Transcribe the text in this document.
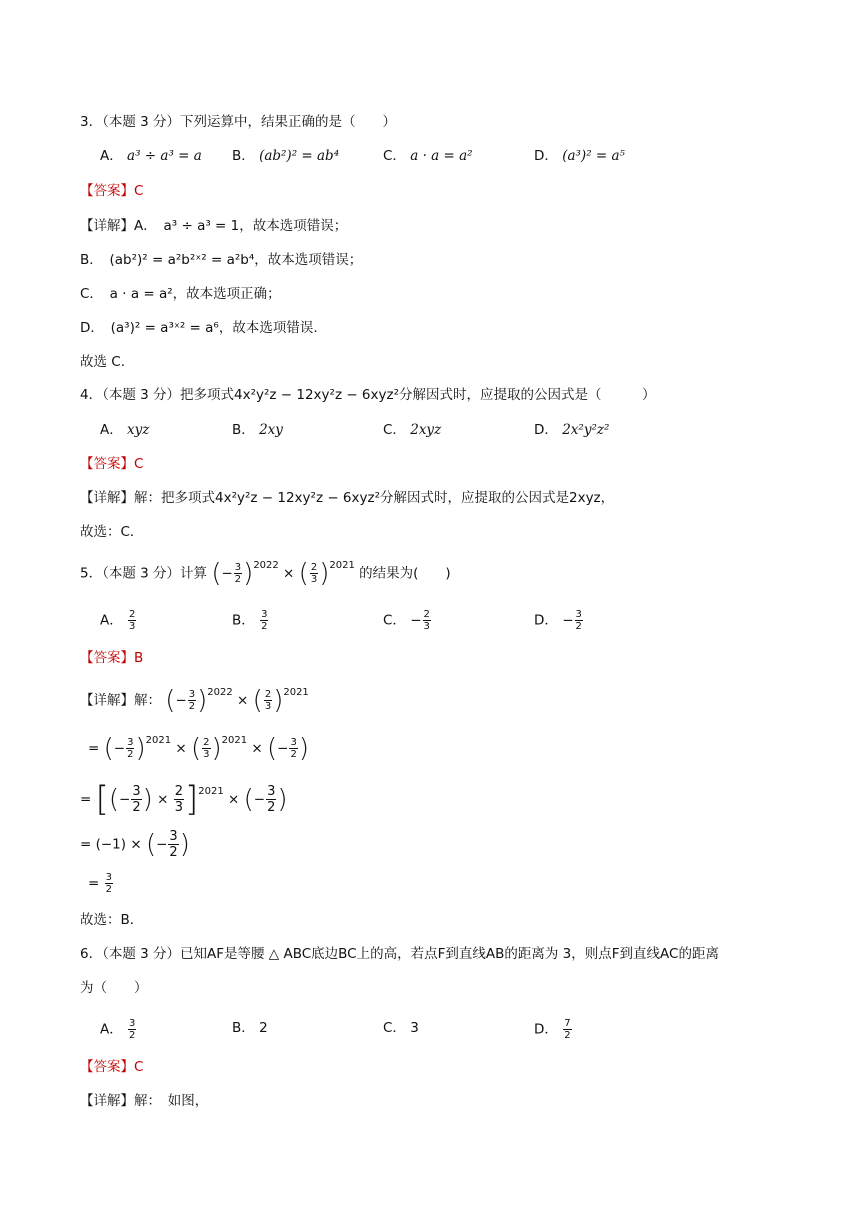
3．（本题 3 分）下列运算中，结果正确的是（　　）
A． a³ ÷ a³ = a B． (ab²)² = ab⁴	C． a · a = a²	D． (a³)² = a⁵
【答案】C
【详解】A．　a³ ÷ a³ = 1，故本选项错误；
B．　(ab²)² = a²b²ˣ² = a²b⁴，故本选项错误；
C．　a · a = a²，故本选项正确；
D．　(a³)² = a³ˣ² = a⁶，故本选项错误.
故选 C.
4．（本题 3 分）把多项式4x²y²z − 12xy²z − 6xyz²分解因式时，应提取的公因式是（　　　）
A． xyz	B． 2xy	C． 2xyz	D． 2x²y²z²
【答案】C
【详解】解：把多项式4x²y²z − 12xy²z − 6xyz²分解因式时，应提取的公因式是2xyz，
故选：C．
5．（本题 3 分）计算 (− $\frac{3}{2} )^{2022}$ × ( $\frac{2}{3} )^{2021}$ 的结果为(　　)
A． $\frac{2}{3}$	B． $\frac{3}{2}$	C． − $\frac{2}{3}$	D． − $\frac{3}{2}$
【答案】B
【详解】解： (− $\frac{3}{2} )^{2022}$ × ( $\frac{2}{3} )^{2021}$
= (− $\frac{3}{2} )^{2021}$ × ( $\frac{2}{3} )^{2021}$ × (− $\frac{3}{2}$ )
= [(− $\frac{3}{2}$ ) × $\frac{2}{3} ]^{2021}$ × (− $\frac{3}{2}$ )
= (−1) × (− $\frac{3}{2}$ )
= $\frac{3}{2}$
故选：B．
6．（本题 3 分）已知AF是等腰 △ ABC底边BC上的高，若点F到直线AB的距离为 3，则点F到直线AC的距离
为（　　）
A． $\frac{3}{2}$	B． 2	C． 3	D． $\frac{7}{2}$
【答案】C
【详解】解：　如图，
